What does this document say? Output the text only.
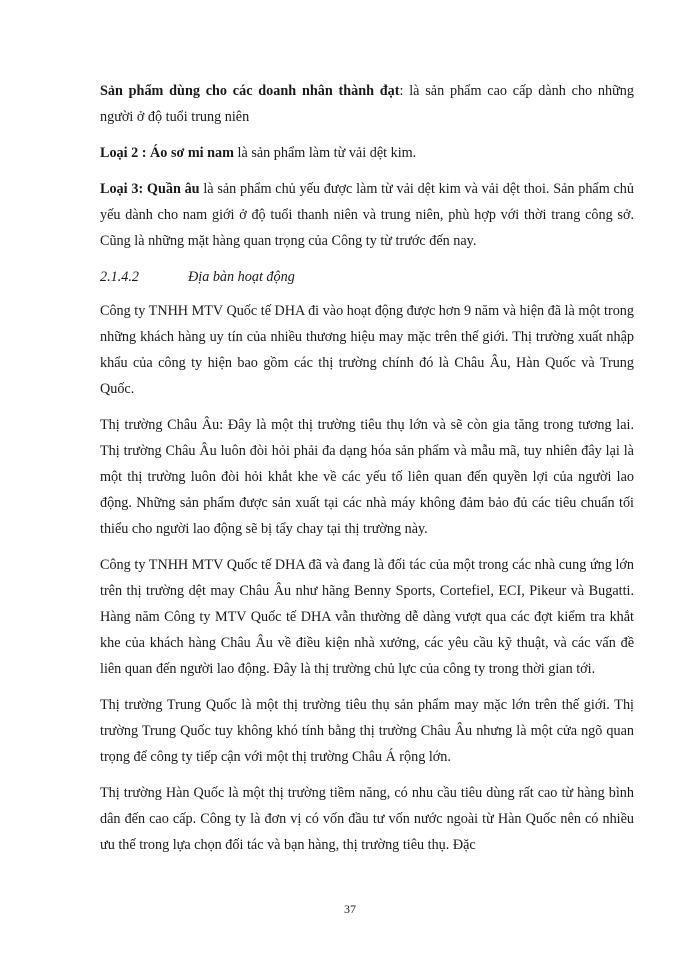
Sản phẩm dùng cho các doanh nhân thành đạt: là sản phẩm cao cấp dành cho những người ở độ tuổi trung niên

Loại 2 : Áo sơ mi nam là sản phẩm làm từ vải dệt kim.

Loại 3: Quần âu là sản phẩm chủ yếu được làm từ vải dệt kim và vải dệt thoi. Sản phẩm chủ yếu dành cho nam giới ở độ tuổi thanh niên và trung niên, phù hợp với thời trang công sở. Cũng là những mặt hàng quan trọng của Công ty từ trước đến nay.

2.1.4.2	Địa bàn hoạt động

Công ty TNHH MTV Quốc tế DHA đi vào hoạt động được hơn 9 năm và hiện đã là một trong những khách hàng uy tín của nhiều thương hiệu may mặc trên thế giới. Thị trường xuất nhập khẩu của công ty hiện bao gồm các thị trường chính đó là Châu Âu, Hàn Quốc và Trung Quốc.

Thị trường Châu Âu: Đây là một thị trường tiêu thụ lớn và sẽ còn gia tăng trong tương lai. Thị trường Châu Âu luôn đòi hỏi phải đa dạng hóa sản phẩm và mẫu mã, tuy nhiên đây lại là một thị trường luôn đòi hỏi khắt khe về các yếu tố liên quan đến quyền lợi của người lao động. Những sản phẩm được sản xuất tại các nhà máy không đảm bảo đủ các tiêu chuẩn tối thiểu cho người lao động sẽ bị tẩy chay tại thị trường này.

Công ty TNHH MTV Quốc tế DHA đã và đang là đối tác của một trong các nhà cung ứng lớn trên thị trường dệt may Châu Âu như hãng Benny Sports, Cortefiel, ECI, Pikeur và Bugatti. Hàng năm Công ty MTV Quốc tế DHA vẫn thường dễ dàng vượt qua các đợt kiểm tra khắt khe của khách hàng Châu Âu về điều kiện nhà xưởng, các yêu cầu kỹ thuật, và các vấn đề liên quan đến người lao động. Đây là thị trường chủ lực của công ty trong thời gian tới.

Thị trường Trung Quốc là một thị trường tiêu thụ sản phẩm may mặc lớn trên thế giới. Thị trường Trung Quốc tuy không khó tính bằng thị trường Châu Âu nhưng là một cửa ngõ quan trọng để công ty tiếp cận với một thị trường Châu Á rộng lớn.

Thị trường Hàn Quốc là một thị trường tiềm năng, có nhu cầu tiêu dùng rất cao từ hàng bình dân đến cao cấp. Công ty là đơn vị có vốn đầu tư vốn nước ngoài từ Hàn Quốc nên có nhiều ưu thế trong lựa chọn đối tác và bạn hàng, thị trường tiêu thụ. Đặc

37
